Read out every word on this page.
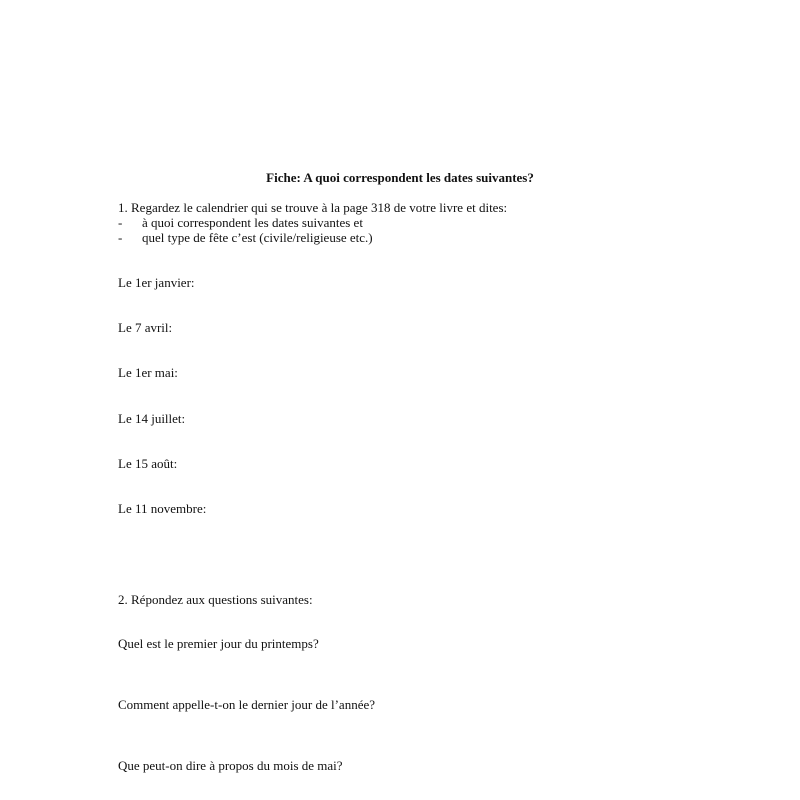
Fiche: A quoi correspondent les dates suivantes?
1. Regardez le calendrier qui se trouve à la page 318 de votre livre et dites:
- à quoi correspondent les dates suivantes et
- quel type de fête c’est (civile/religieuse etc.)
Le 1er janvier:
Le 7 avril:
Le 1er mai:
Le 14 juillet:
Le 15 août:
Le 11 novembre:
2. Répondez aux questions suivantes:
Quel est le premier jour du printemps?
Comment appelle-t-on le dernier jour de l’année?
Que peut-on dire à propos du mois de mai?
